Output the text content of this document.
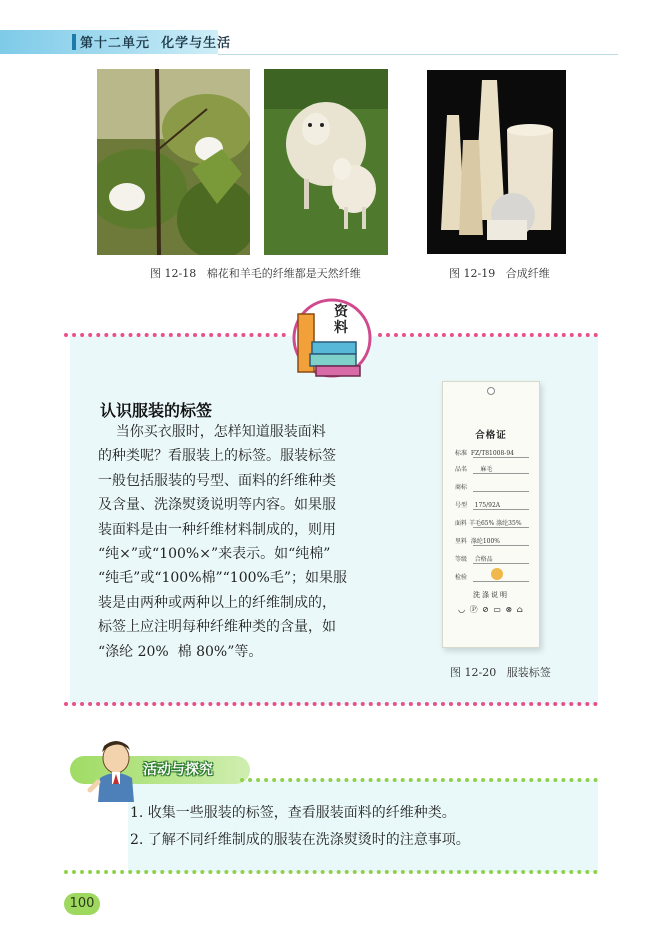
第十二单元 化学与生活
图 12-18   棉花和羊毛的纤维都是天然纤维	图 12-19   合成纤维
资料
认识服装的标签
当你买衣服时，怎样知道服装面料
的种类呢？看服装上的标签。服装标签
一般包括服装的号型、面料的纤维种类
及含量、洗涤熨烫说明等内容。如果服
装面料是由一种纤维材料制成的，则用
“纯×”或“100%×”来表示。如“纯棉”
“纯毛”或“100%棉”“100%毛”；如果服
装是由两种或两种以上的纤维制成的，
标签上应注明每种纤维种类的含量，如
“涤纶 20%  棉 80%”等。
合格证
标准 FZ/T81008-94
品名 麻毛
商标
号型 175/92A
面料 羊毛65% 涤纶35%
里料 涤纶100%
等级 合格品
检验
洗涤说明
◡ Ⓟ ⊘ ▭ ⊗ ⌂
图 12-20   服装标签
活动与探究
1. 收集一些服装的标签，查看服装面料的纤维种类。
2. 了解不同纤维制成的服装在洗涤熨烫时的注意事项。
100
